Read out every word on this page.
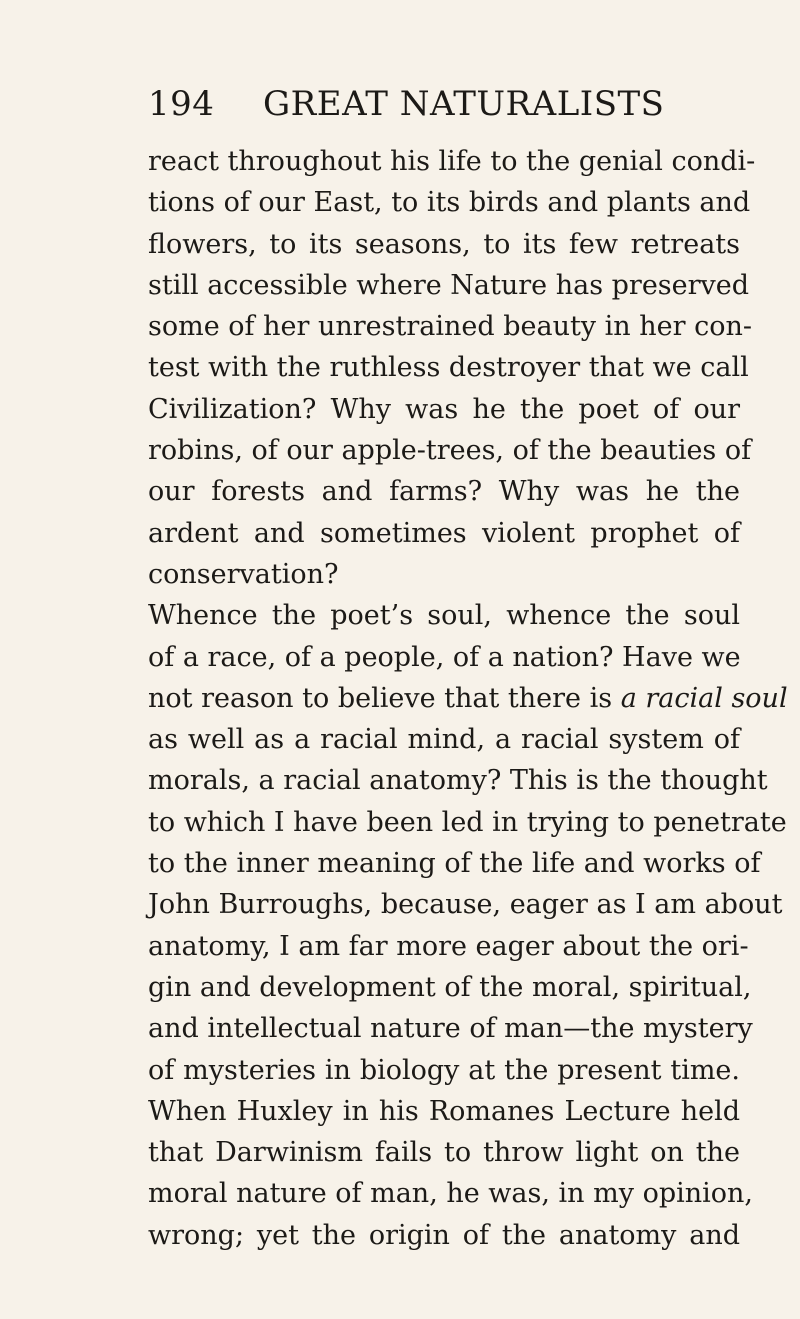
194 GREAT NATURALISTS
react throughout his life to the genial condi-
tions of our East, to its birds and plants and
flowers, to its seasons, to its few retreats
still accessible where Nature has preserved
some of her unrestrained beauty in her con-
test with the ruthless destroyer that we call
Civilization? Why was he the poet of our
robins, of our apple-trees, of the beauties of
our forests and farms? Why was he the
ardent and sometimes violent prophet of
conservation?
Whence the poet’s soul, whence the soul
of a race, of a people, of a nation? Have we
not reason to believe that there is a racial soul
as well as a racial mind, a racial system of
morals, a racial anatomy? This is the thought
to which I have been led in trying to penetrate
to the inner meaning of the life and works of
John Burroughs, because, eager as I am about
anatomy, I am far more eager about the ori-
gin and development of the moral, spiritual,
and intellectual nature of man—the mystery
of mysteries in biology at the present time.
When Huxley in his Romanes Lecture held
that Darwinism fails to throw light on the
moral nature of man, he was, in my opinion,
wrong; yet the origin of the anatomy and
